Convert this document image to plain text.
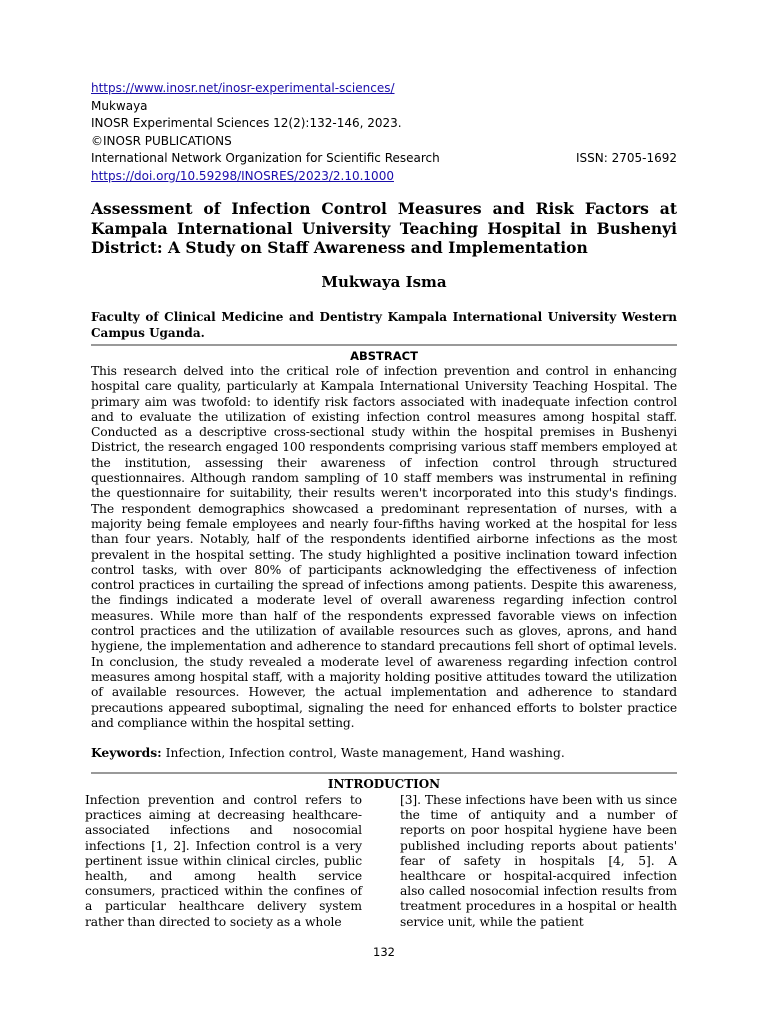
https://www.inosr.net/inosr-experimental-sciences/
Mukwaya
INOSR Experimental Sciences 12(2):132-146, 2023.
©INOSR PUBLICATIONS
International Network Organization for Scientific Research	ISSN: 2705-1692
https://doi.org/10.59298/INOSRES/2023/2.10.1000
Assessment of Infection Control Measures and Risk Factors at Kampala International University Teaching Hospital in Bushenyi District: A Study on Staff Awareness and Implementation
Mukwaya Isma
Faculty of Clinical Medicine and Dentistry Kampala International University Western Campus Uganda.
ABSTRACT
This research delved into the critical role of infection prevention and control in enhancing hospital care quality, particularly at Kampala International University Teaching Hospital. The primary aim was twofold: to identify risk factors associated with inadequate infection control and to evaluate the utilization of existing infection control measures among hospital staff. Conducted as a descriptive cross-sectional study within the hospital premises in Bushenyi District, the research engaged 100 respondents comprising various staff members employed at the institution, assessing their awareness of infection control through structured questionnaires. Although random sampling of 10 staff members was instrumental in refining the questionnaire for suitability, their results weren't incorporated into this study's findings. The respondent demographics showcased a predominant representation of nurses, with a majority being female employees and nearly four-fifths having worked at the hospital for less than four years. Notably, half of the respondents identified airborne infections as the most prevalent in the hospital setting. The study highlighted a positive inclination toward infection control tasks, with over 80% of participants acknowledging the effectiveness of infection control practices in curtailing the spread of infections among patients. Despite this awareness, the findings indicated a moderate level of overall awareness regarding infection control measures. While more than half of the respondents expressed favorable views on infection control practices and the utilization of available resources such as gloves, aprons, and hand hygiene, the implementation and adherence to standard precautions fell short of optimal levels. In conclusion, the study revealed a moderate level of awareness regarding infection control measures among hospital staff, with a majority holding positive attitudes toward the utilization of available resources. However, the actual implementation and adherence to standard precautions appeared suboptimal, signaling the need for enhanced efforts to bolster practice and compliance within the hospital setting.
Keywords: Infection, Infection control, Waste management, Hand washing.
INTRODUCTION
Infection prevention and control refers to practices aiming at decreasing healthcare-associated infections and nosocomial infections [1, 2]. Infection control is a very pertinent issue within clinical circles, public health, and among health service consumers, practiced within the confines of a particular healthcare delivery system rather than directed to society as a whole
[3]. These infections have been with us since the time of antiquity and a number of reports on poor hospital hygiene have been published including reports about patients' fear of safety in hospitals [4, 5]. A healthcare or hospital-acquired infection also called nosocomial infection results from treatment procedures in a hospital or health service unit, while the patient
132
